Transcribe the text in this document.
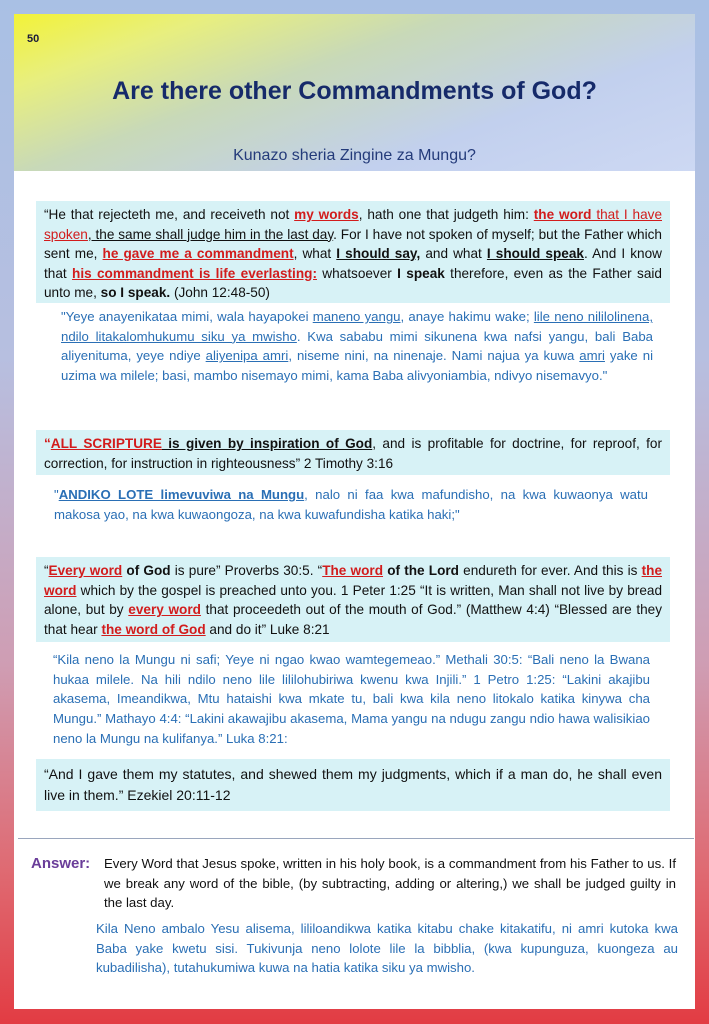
50
Are there other Commandments of God?
Kunazo sheria Zingine za Mungu?
“He that rejecteth me, and receiveth not my words, hath one that judgeth him: the word that I have spoken, the same shall judge him in the last day. For I have not spoken of myself; but the Father which sent me, he gave me a commandment, what I should say, and what I should speak. And I know that his commandment is life everlasting: whatsoever I speak therefore, even as the Father said unto me, so I speak. (John 12:48-50)
"Yeye anayenikataa mimi, wala hayapokei maneno yangu, anaye hakimu wake; lile neno nililolinena, ndilo litakalomhukumu siku ya mwisho. Kwa sababu mimi sikunena kwa nafsi yangu, bali Baba aliyenituma, yeye ndiye aliyenipa amri, niseme nini, na ninenaje. Nami najua ya kuwa amri yake ni uzima wa milele; basi, mambo nisemayo mimi, kama Baba alivyoniambia, ndivyo nisemavyo."
“ALL SCRIPTURE is given by inspiration of God, and is profitable for doctrine, for reproof, for correction, for instruction in righteousness” 2 Timothy 3:16
"ANDIKO LOTE limevuviwa na Mungu, nalo ni faa kwa mafundisho, na kwa kuwaonya watu makosa yao, na kwa kuwaongoza, na kwa kuwafundisha katika haki;"
“Every word of God is pure” Proverbs 30:5. “The word of the Lord endureth for ever. And this is the word which by the gospel is preached unto you. 1 Peter 1:25 “It is written, Man shall not live by bread alone, but by every word that proceedeth out of the mouth of God.” (Matthew 4:4) “Blessed are they that hear the word of God and do it” Luke 8:21
“Kila neno la Mungu ni safi; Yeye ni ngao kwao wamtegemeao.” Methali 30:5: “Bali neno la Bwana hukaa milele. Na hili ndilo neno lile lililohubiriwa kwenu kwa Injili.” 1 Petro 1:25: “Lakini akajibu akasema, Imeandikwa, Mtu hataishi kwa mkate tu, bali kwa kila neno litokalo katika kinywa cha Mungu.” Mathayo 4:4: “Lakini akawajibu akasema, Mama yangu na ndugu zangu ndio hawa walisikiao neno la Mungu na kulifanya.” Luka 8:21:
“And I gave them my statutes, and shewed them my judgments, which if a man do, he shall even live in them.” Ezekiel 20:11-12
Answer: Every Word that Jesus spoke, written in his holy book, is a commandment from his Father to us. If we break any word of the bible, (by subtracting, adding or altering,) we shall be judged guilty in the last day.
Kila Neno ambalo Yesu alisema, lililoandikwa katika kitabu chake kitakatifu, ni amri kutoka kwa Baba yake kwetu sisi. Tukivunja neno lolote lile la bibblia, (kwa kupunguza, kuongeza au kubadilisha), tutahukumiwa kuwa na hatia katika siku ya mwisho.
